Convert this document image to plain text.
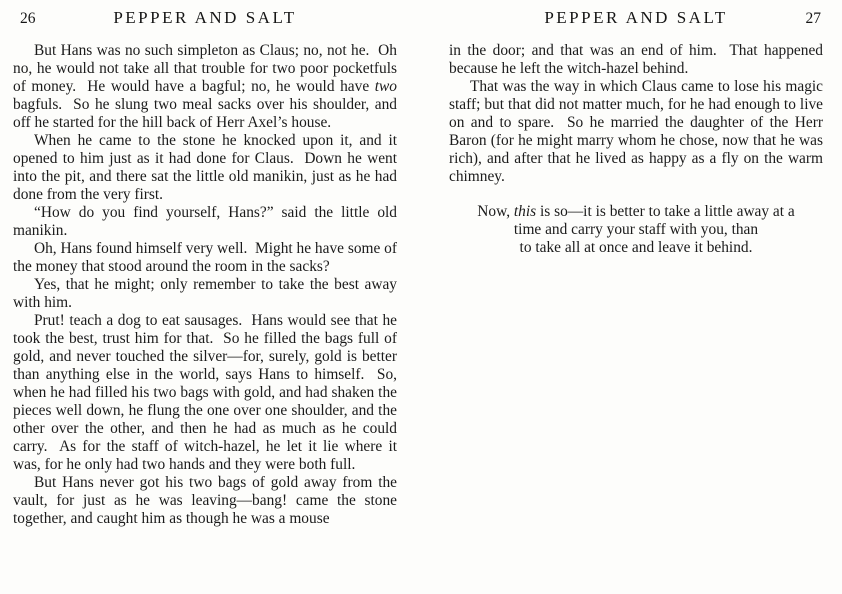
26	PEPPER AND SALT

But Hans was no such simpleton as Claus; no, not he.  Oh no, he would not take all that trouble for two poor pocketfuls of money.  He would have a bagful; no, he would have two bagfuls.  So he slung two meal sacks over his shoulder, and off he started for the hill back of Herr Axel’s house.

When he came to the stone he knocked upon it, and it opened to him just as it had done for Claus.  Down he went into the pit, and there sat the little old manikin, just as he had done from the very first.

“How do you find yourself, Hans?” said the little old manikin.

Oh, Hans found himself very well.  Might he have some of the money that stood around the room in the sacks?

Yes, that he might; only remember to take the best away with him.

Prut! teach a dog to eat sausages.  Hans would see that he took the best, trust him for that.  So he filled the bags full of gold, and never touched the silver—for, surely, gold is better than anything else in the world, says Hans to himself.  So, when he had filled his two bags with gold, and had shaken the pieces well down, he flung the one over one shoulder, and the other over the other, and then he had as much as he could carry.  As for the staff of witch-hazel, he let it lie where it was, for he only had two hands and they were both full.

But Hans never got his two bags of gold away from the vault, for just as he was leaving—bang! came the stone together, and caught him as though he was a mouse

PEPPER AND SALT	27

in the door; and that was an end of him.  That happened because he left the witch-hazel behind.

That was the way in which Claus came to lose his magic staff; but that did not matter much, for he had enough to live on and to spare.  So he married the daughter of the Herr Baron (for he might marry whom he chose, now that he was rich), and after that he lived as happy as a fly on the warm chimney.

Now, this is so—it is better to take a little away at a
time and carry your staff with you, than
to take all at once and leave it behind.
